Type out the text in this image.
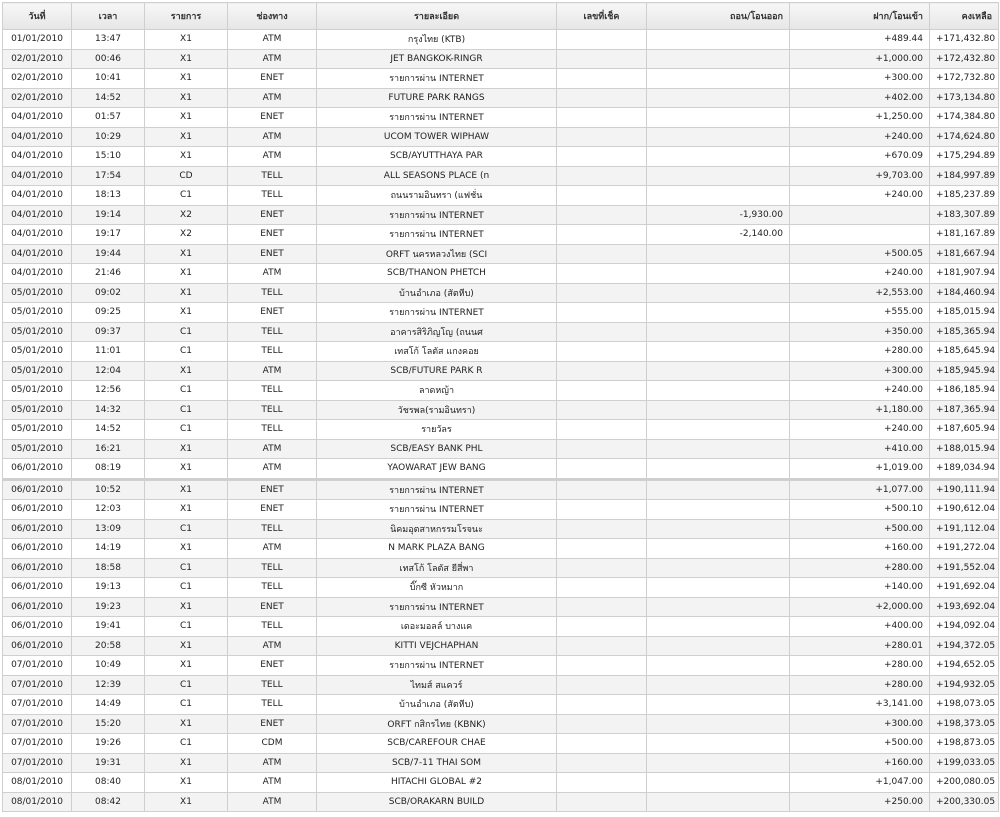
วันที่	เวลา	รายการ	ช่องทาง	รายละเอียด	เลขที่เช็ค	ถอน/โอนออก	ฝาก/โอนเข้า	คงเหลือ
01/01/2010	13:47	X1	ATM	กรุงไทย (KTB)			+489.44	+171,432.80
02/01/2010	00:46	X1	ATM	JET BANGKOK-RINGR			+1,000.00	+172,432.80
02/01/2010	10:41	X1	ENET	รายการผ่าน INTERNET			+300.00	+172,732.80
02/01/2010	14:52	X1	ATM	FUTURE PARK RANGS			+402.00	+173,134.80
04/01/2010	01:57	X1	ENET	รายการผ่าน INTERNET			+1,250.00	+174,384.80
04/01/2010	10:29	X1	ATM	UCOM TOWER WIPHAW			+240.00	+174,624.80
04/01/2010	15:10	X1	ATM	SCB/AYUTTHAYA PAR			+670.09	+175,294.89
04/01/2010	17:54	CD	TELL	ALL SEASONS PLACE (n			+9,703.00	+184,997.89
04/01/2010	18:13	C1	TELL	ถนนรามอินทรา (แฟชั่น			+240.00	+185,237.89
04/01/2010	19:14	X2	ENET	รายการผ่าน INTERNET		-1,930.00		+183,307.89
04/01/2010	19:17	X2	ENET	รายการผ่าน INTERNET		-2,140.00		+181,167.89
04/01/2010	19:44	X1	ENET	ORFT นครหลวงไทย (SCI			+500.05	+181,667.94
04/01/2010	21:46	X1	ATM	SCB/THANON PHETCH			+240.00	+181,907.94
05/01/2010	09:02	X1	TELL	บ้านอำเภอ (สัตหีบ)			+2,553.00	+184,460.94
05/01/2010	09:25	X1	ENET	รายการผ่าน INTERNET			+555.00	+185,015.94
05/01/2010	09:37	C1	TELL	อาคารสิริภิญโญ (ถนนศ			+350.00	+185,365.94
05/01/2010	11:01	C1	TELL	เทสโก้ โลตัส แกงคอย			+280.00	+185,645.94
05/01/2010	12:04	X1	ATM	SCB/FUTURE PARK R			+300.00	+185,945.94
05/01/2010	12:56	C1	TELL	ลาดหญ้า			+240.00	+186,185.94
05/01/2010	14:32	C1	TELL	วัชรพล(รามอินทรา)			+1,180.00	+187,365.94
05/01/2010	14:52	C1	TELL	รายวัลร			+240.00	+187,605.94
05/01/2010	16:21	X1	ATM	SCB/EASY BANK PHL			+410.00	+188,015.94
06/01/2010	08:19	X1	ATM	YAOWARAT JEW BANG			+1,019.00	+189,034.94
06/01/2010	10:52	X1	ENET	รายการผ่าน INTERNET			+1,077.00	+190,111.94
06/01/2010	12:03	X1	ENET	รายการผ่าน INTERNET			+500.10	+190,612.04
06/01/2010	13:09	C1	TELL	นิคมอุตสาหกรรมโรจนะ			+500.00	+191,112.04
06/01/2010	14:19	X1	ATM	N MARK PLAZA BANG			+160.00	+191,272.04
06/01/2010	18:58	C1	TELL	เทสโก้ โลตัส ยีสี่พา			+280.00	+191,552.04
06/01/2010	19:13	C1	TELL	บิ๊กซี หัวหมาก			+140.00	+191,692.04
06/01/2010	19:23	X1	ENET	รายการผ่าน INTERNET			+2,000.00	+193,692.04
06/01/2010	19:41	C1	TELL	เดอะมอลล์ บางแค			+400.00	+194,092.04
06/01/2010	20:58	X1	ATM	KITTI VEJCHAPHAN			+280.01	+194,372.05
07/01/2010	10:49	X1	ENET	รายการผ่าน INTERNET			+280.00	+194,652.05
07/01/2010	12:39	C1	TELL	ไทมส์ สแควร์			+280.00	+194,932.05
07/01/2010	14:49	C1	TELL	บ้านอำเภอ (สัตหีบ)			+3,141.00	+198,073.05
07/01/2010	15:20	X1	ENET	ORFT กสิกรไทย (KBNK)			+300.00	+198,373.05
07/01/2010	19:26	C1	CDM	SCB/CAREFOUR CHAE			+500.00	+198,873.05
07/01/2010	19:31	X1	ATM	SCB/7-11 THAI SOM			+160.00	+199,033.05
08/01/2010	08:40	X1	ATM	HITACHI GLOBAL #2			+1,047.00	+200,080.05
08/01/2010	08:42	X1	ATM	SCB/ORAKARN BUILD			+250.00	+200,330.05
